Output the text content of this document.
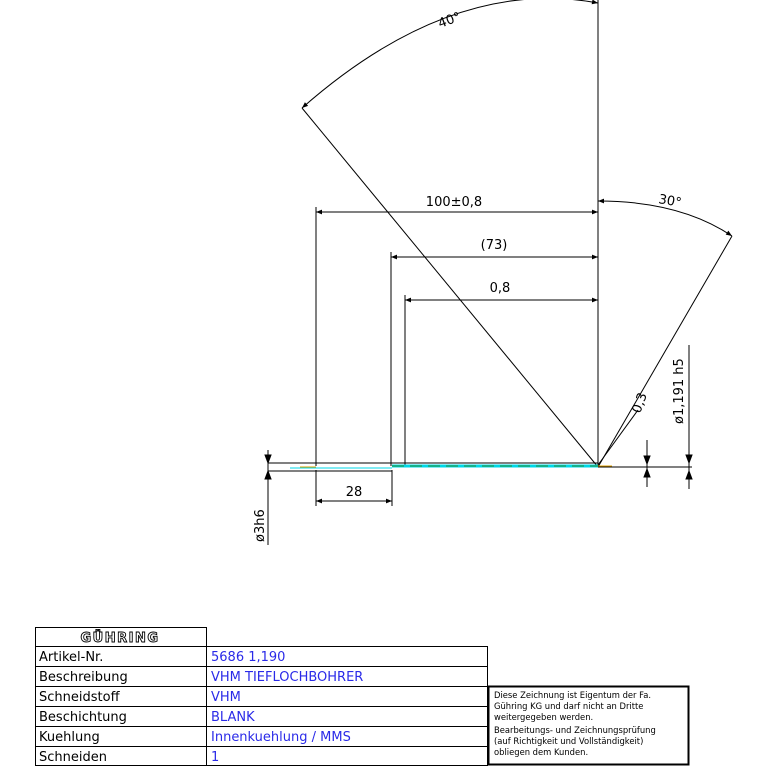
40°
30°
100±0,8
(73)
0,8
28
ø3h6
0,3 ø1,191 h5
GÜHRING
Artikel-Nr.
Beschreibung
Schneidstoff
Beschichtung
Kuehlung
Schneiden
5686 1,190
VHM TIEFLOCHBOHRER
VHM
BLANK
Innenkuehlung / MMS
1
Diese Zeichnung ist Eigentum der Fa.
Gühring KG und darf nicht an Dritte
weitergegeben werden.
Bearbeitungs- und Zeichnungsprüfung
(auf Richtigkeit und Vollständigkeit)
obliegen dem Kunden.
